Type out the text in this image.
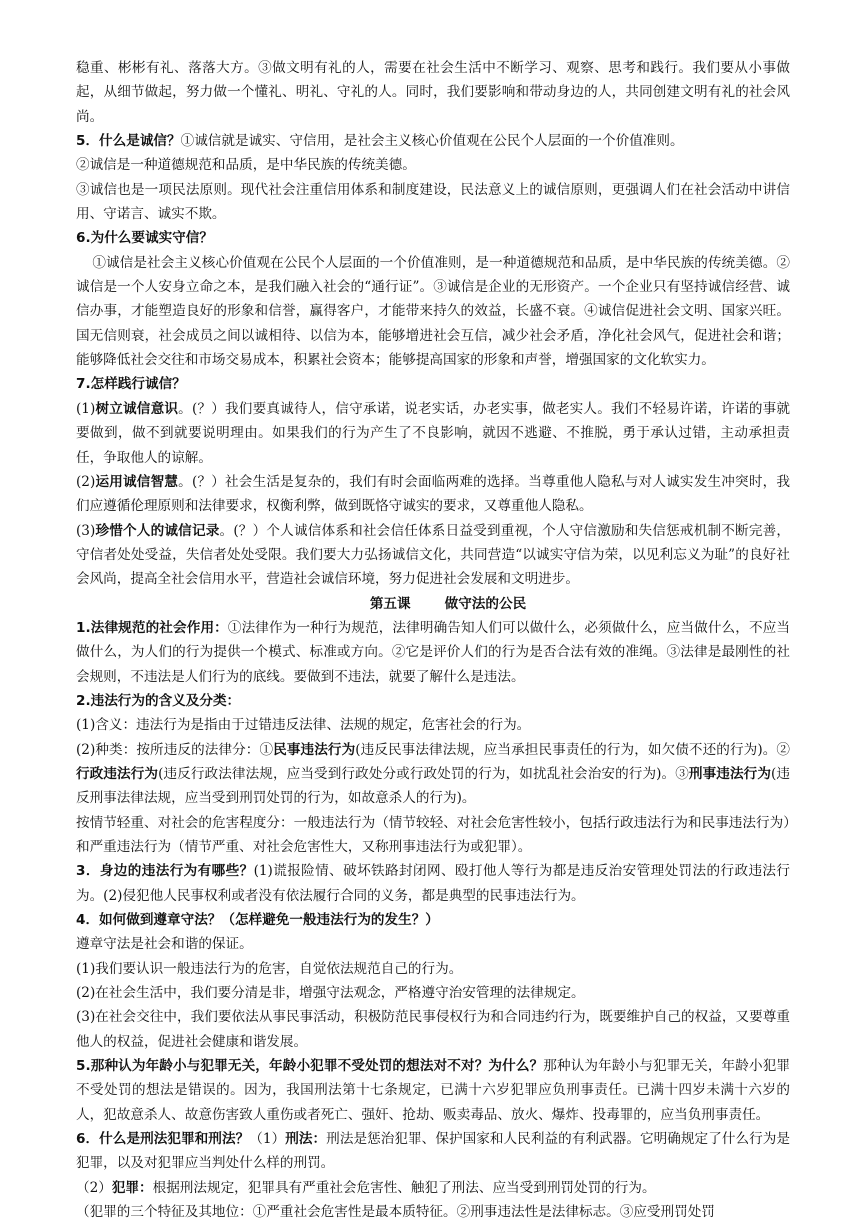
稳重、彬彬有礼、落落大方。③做文明有礼的人，需要在社会生活中不断学习、观察、思考和践行。我们要从小事做起，从细节做起，努力做一个懂礼、明礼、守礼的人。同时，我们要影响和带动身边的人，共同创建文明有礼的社会风尚。

5．什么是诚信？①诚信就是诚实、守信用，是社会主义核心价值观在公民个人层面的一个价值准则。

②诚信是一种道德规范和品质，是中华民族的传统美德。

③诚信也是一项民法原则。现代社会注重信用体系和制度建设，民法意义上的诚信原则，更强调人们在社会活动中讲信用、守诺言、诚实不欺。

6.为什么要诚实守信？

①诚信是社会主义核心价值观在公民个人层面的一个价值准则，是一种道德规范和品质，是中华民族的传统美德。②诚信是一个人安身立命之本，是我们融入社会的“通行证”。③诚信是企业的无形资产。一个企业只有坚持诚信经营、诚信办事，才能塑造良好的形象和信誉，赢得客户，才能带来持久的效益，长盛不衰。④诚信促进社会文明、国家兴旺。国无信则衰，社会成员之间以诚相待、以信为本，能够增进社会互信，减少社会矛盾，净化社会风气，促进社会和谐；能够降低社会交往和市场交易成本，积累社会资本；能够提高国家的形象和声誉，增强国家的文化软实力。

7.怎样践行诚信？

(1)树立诚信意识。(？）我们要真诚待人，信守承诺，说老实话，办老实事，做老实人。我们不轻易许诺，许诺的事就要做到，做不到就要说明理由。如果我们的行为产生了不良影响，就因不逃避、不推脱，勇于承认过错，主动承担责任，争取他人的谅解。

(2)运用诚信智慧。(？）社会生活是复杂的，我们有时会面临两难的选择。当尊重他人隐私与对人诚实发生冲突时，我们应遵循伦理原则和法律要求，权衡利弊，做到既恪守诚实的要求，又尊重他人隐私。

(3)珍惜个人的诚信记录。(？）个人诚信体系和社会信任体系日益受到重视，个人守信激励和失信惩戒机制不断完善，守信者处处受益，失信者处处受限。我们要大力弘扬诚信文化，共同营造“以诚实守信为荣，以见利忘义为耻”的良好社会风尚，提高全社会信用水平，营造社会诚信环境，努力促进社会发展和文明进步。

第五课	做守法的公民

1.法律规范的社会作用：①法律作为一种行为规范，法律明确告知人们可以做什么，必须做什么，应当做什么，不应当做什么，为人们的行为提供一个模式、标准或方向。②它是评价人们的行为是否合法有效的准绳。③法律是最刚性的社会规则，不违法是人们行为的底线。要做到不违法，就要了解什么是违法。

2.违法行为的含义及分类：

(1)含义：违法行为是指由于过错违反法律、法规的规定，危害社会的行为。

(2)种类：按所违反的法律分：①民事违法行为(违反民事法律法规，应当承担民事责任的行为，如欠债不还的行为)。②行政违法行为(违反行政法律法规，应当受到行政处分或行政处罚的行为，如扰乱社会治安的行为)。③刑事违法行为(违反刑事法律法规，应当受到刑罚处罚的行为，如故意杀人的行为)。

按情节轻重、对社会的危害程度分：一般违法行为（情节较轻、对社会危害性较小，包括行政违法行为和民事违法行为）和严重违法行为（情节严重、对社会危害性大，又称刑事违法行为或犯罪）。

3．身边的违法行为有哪些？(1)谎报险情、破坏铁路封闭网、殴打他人等行为都是违反治安管理处罚法的行政违法行为。(2)侵犯他人民事权利或者没有依法履行合同的义务，都是典型的民事违法行为。

4．如何做到遵章守法？（怎样避免一般违法行为的发生？）

遵章守法是社会和谐的保证。

(1)我们要认识一般违法行为的危害，自觉依法规范自己的行为。

(2)在社会生活中，我们要分清是非，增强守法观念，严格遵守治安管理的法律规定。

(3)在社会交往中，我们要依法从事民事活动，积极防范民事侵权行为和合同违约行为，既要维护自己的权益，又要尊重他人的权益，促进社会健康和谐发展。

5.那种认为年龄小与犯罪无关，年龄小犯罪不受处罚的想法对不对？为什么？那种认为年龄小与犯罪无关，年龄小犯罪不受处罚的想法是错误的。因为，我国刑法第十七条规定，已满十六岁犯罪应负刑事责任。已满十四岁未满十六岁的人，犯故意杀人、故意伤害致人重伤或者死亡、强奸、抢劫、贩卖毒品、放火、爆炸、投毒罪的，应当负刑事责任。

6．什么是刑法犯罪和刑法？（1）刑法：刑法是惩治犯罪、保护国家和人民利益的有利武器。它明确规定了什么行为是犯罪，以及对犯罪应当判处什么样的刑罚。

（2）犯罪：根据刑法规定，犯罪具有严重社会危害性、触犯了刑法、应当受到刑罚处罚的行为。

（犯罪的三个特征及其地位：①严重社会危害性是最本质特征。②刑事违法性是法律标志。③应受刑罚处罚
